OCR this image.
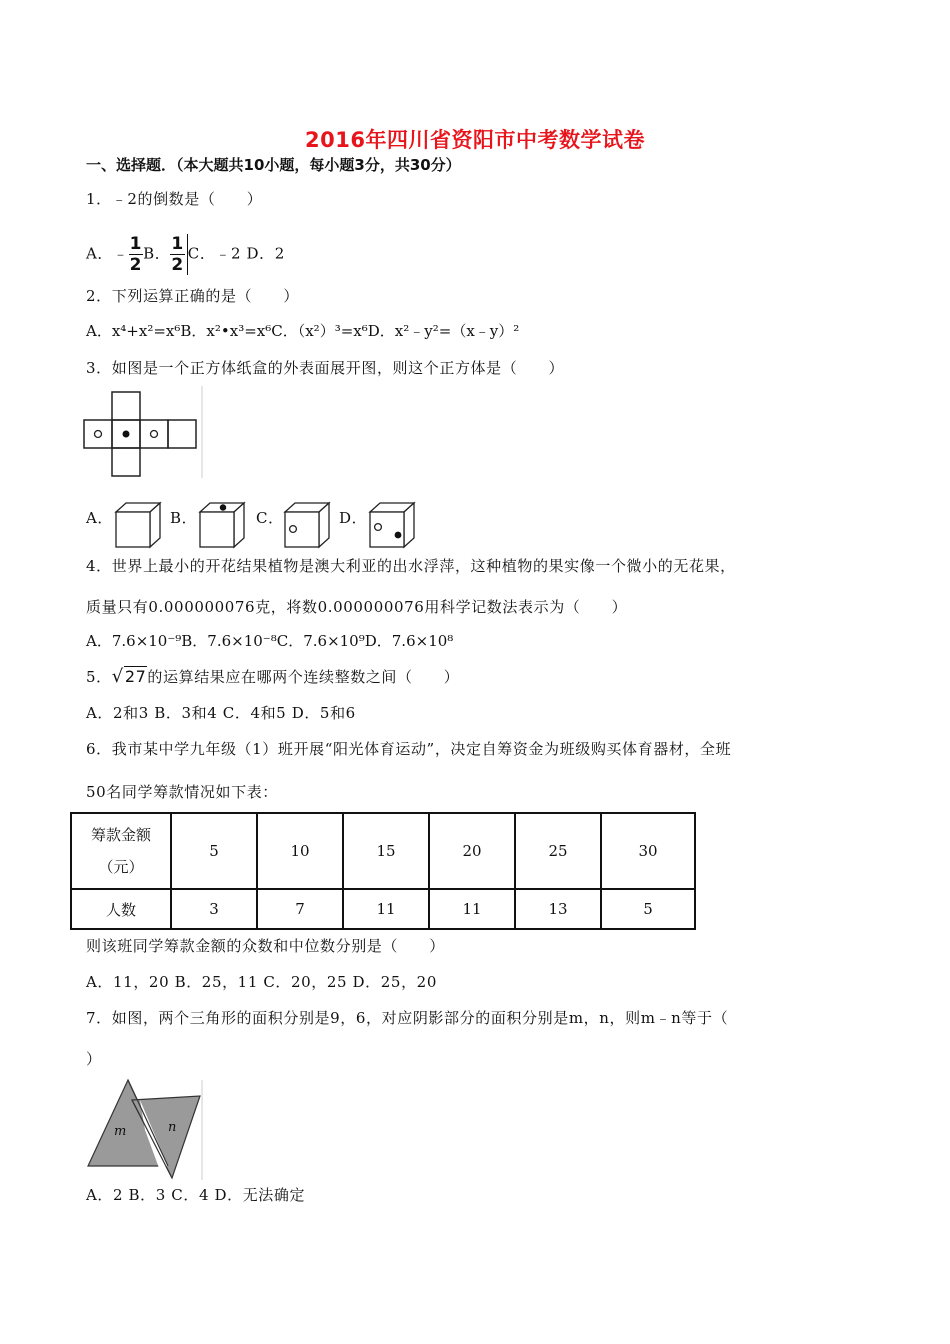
2016年四川省资阳市中考数学试卷
一、选择题．（本大题共10小题，每小题3分，共30分）
1．﹣2的倒数是（　　）
A．﹣ $\frac{1}{2}$ B． $\frac{1}{2}$ C．﹣2 D．2
2．下列运算正确的是（　　）
A．x⁴+x²=x⁶B．x²•x³=x⁶C．（x²）³=x⁶D．x²﹣y²=（x﹣y）²
3．如图是一个正方体纸盒的外表面展开图，则这个正方体是（　　）
A．	B．	C．	D．
4．世界上最小的开花结果植物是澳大利亚的出水浮萍，这种植物的果实像一个微小的无花果，
质量只有0.000000076克，将数0.000000076用科学记数法表示为（　　）
A．7.6×10⁻⁹B．7.6×10⁻⁸C．7.6×10⁹D．7.6×10⁸
5．√27的运算结果应在哪两个连续整数之间（　　）
A．2和3 B．3和4 C．4和5 D．5和6
6．我市某中学九年级（1）班开展“阳光体育运动”，决定自筹资金为班级购买体育器材，全班
50名同学筹款情况如下表：
筹款金额
（元）	5	10	15	20	25	30
人数	3	7	11	11	13	5
则该班同学筹款金额的众数和中位数分别是（　　）
A．11，20 B．25，11 C．20，25 D．25，20
7．如图，两个三角形的面积分别是9，6，对应阴影部分的面积分别是m，n，则m﹣n等于（
）
m	n
A．2 B．3 C．4 D．无法确定
